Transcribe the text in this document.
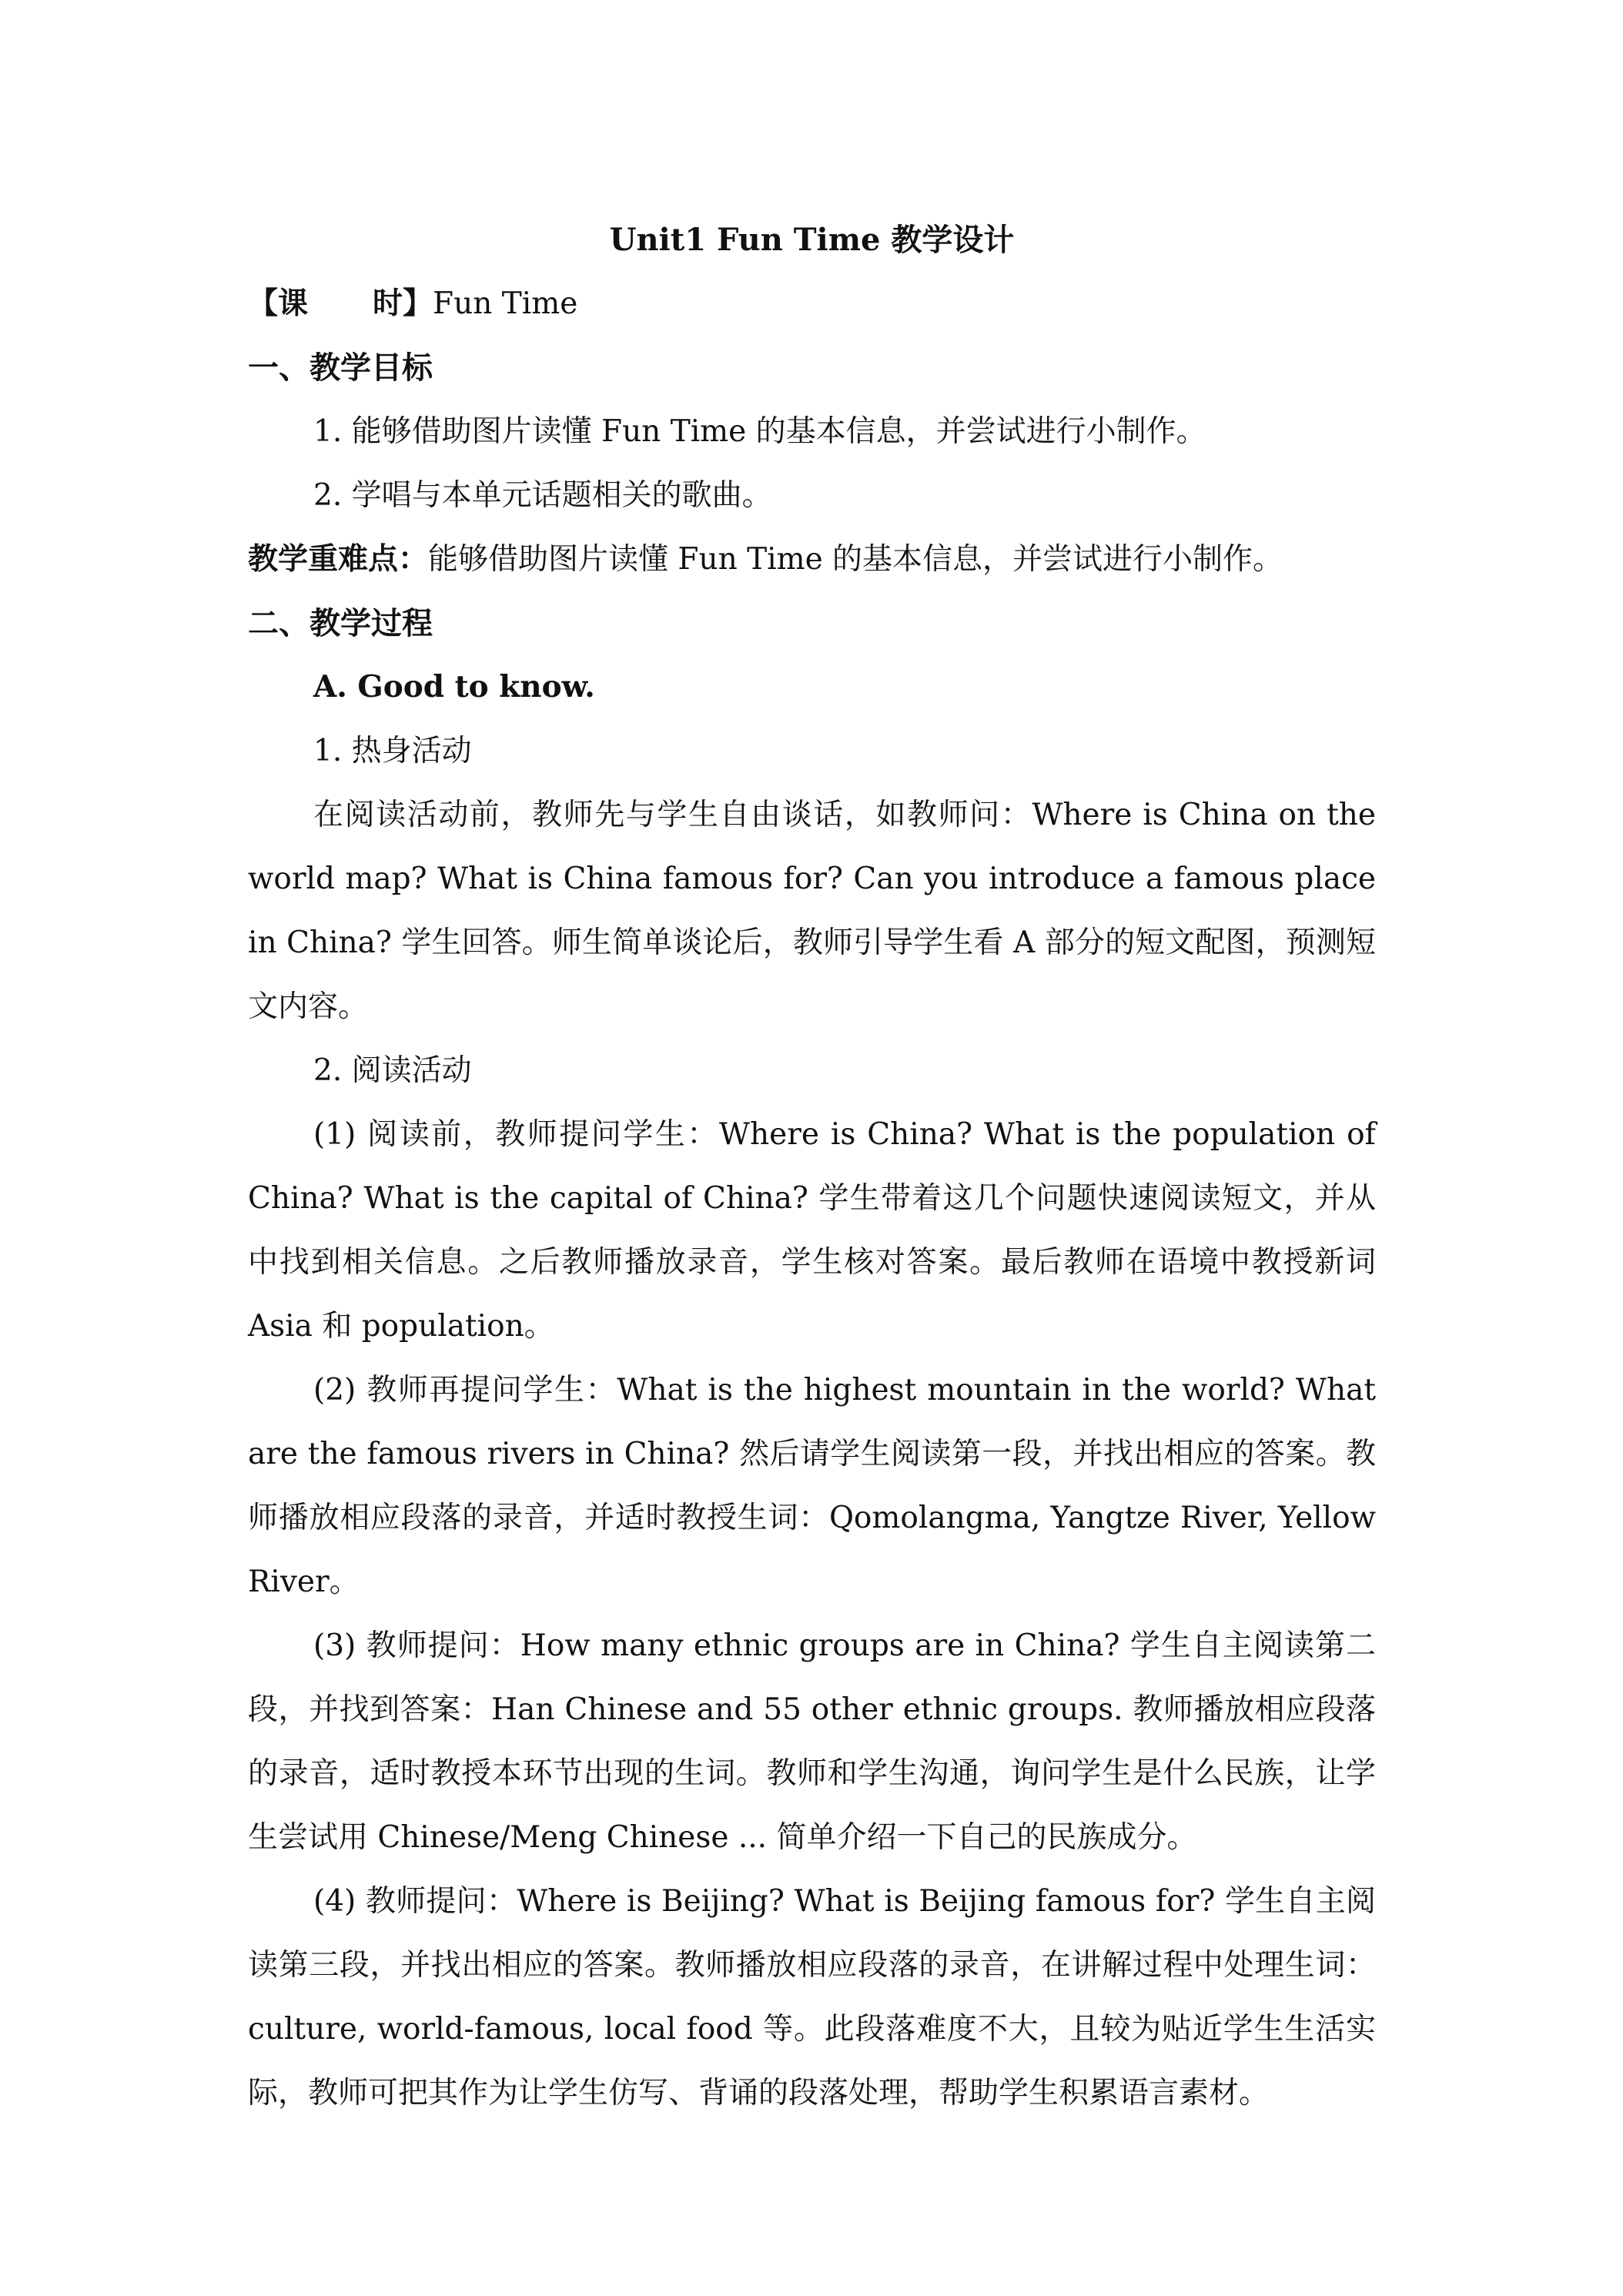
Unit1 Fun Time 教学设计
【课 时】Fun Time
一、教学目标
1. 能够借助图片读懂 Fun Time 的基本信息，并尝试进行小制作。
2. 学唱与本单元话题相关的歌曲。
教学重难点：能够借助图片读懂 Fun Time 的基本信息，并尝试进行小制作。
二、教学过程
A. Good to know.
1. 热身活动

在阅读活动前，教师先与学生自由谈话，如教师问：Where is China on the world map? What is China famous for? Can you introduce a famous place in China? 学生回答。师生简单谈论后，教师引导学生看 A 部分的短文配图，预测短文内容。

2. 阅读活动

(1) 阅读前，教师提问学生：Where is China? What is the population of China? What is the capital of China? 学生带着这几个问题快速阅读短文，并从中找到相关信息。之后教师播放录音，学生核对答案。最后教师在语境中教授新词 Asia 和 population。

(2) 教师再提问学生：What is the highest mountain in the world? What are the famous rivers in China? 然后请学生阅读第一段，并找出相应的答案。教师播放相应段落的录音，并适时教授生词：Qomolangma, Yangtze River, Yellow River。

(3) 教师提问：How many ethnic groups are in China? 学生自主阅读第二段，并找到答案：Han Chinese and 55 other ethnic groups. 教师播放相应段落的录音，适时教授本环节出现的生词。教师和学生沟通，询问学生是什么民族，让学生尝试用 Chinese/Meng Chinese ... 简单介绍一下自己的民族成分。

(4) 教师提问：Where is Beijing? What is Beijing famous for? 学生自主阅读第三段，并找出相应的答案。教师播放相应段落的录音，在讲解过程中处理生词：culture, world-famous, local food 等。此段落难度不大，且较为贴近学生生活实际，教师可把其作为让学生仿写、背诵的段落处理，帮助学生积累语言素材。
